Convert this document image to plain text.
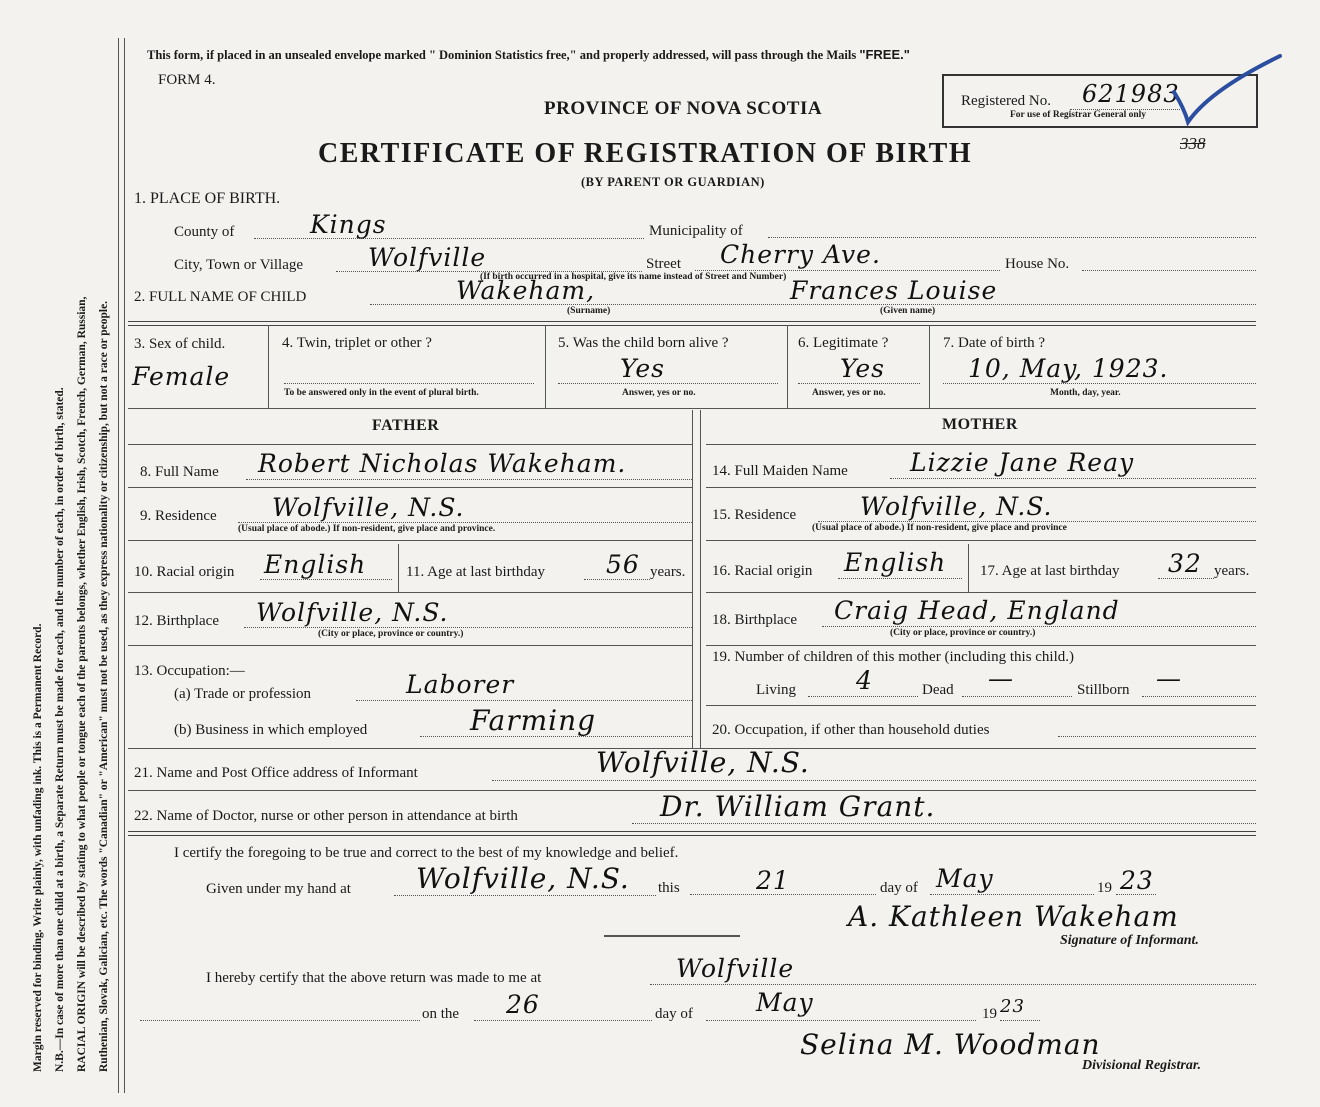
Margin reserved for binding. Write plainly, with unfading ink. This is a Permanent Record. N.B.—In case of more than one child at a birth, a Separate Return must be made for each, and the number of each, in order of birth, stated. RACIAL ORIGIN will be described by stating to what people or tongue each of the parents belongs, whether English, Irish, Scotch, French, German, Russian, Ruthenian, Slovak, Galician, etc. The words "Canadian" or "American" must not be used, as they express nationality or citizenship, but not a race or people.
This form, if placed in an unsealed envelope marked " Dominion Statistics free," and properly addressed, will pass through the Mails "FREE."
FORM 4.
Registered No. 621983
For use of Registrar General only
338
PROVINCE OF NOVA SCOTIA
CERTIFICATE OF REGISTRATION OF BIRTH
(BY PARENT OR GUARDIAN)
1. PLACE OF BIRTH.
County of	Kings	Municipality of
City, Town or Village	Wolfville	Street Cherry Ave.	House No.
(If birth occurred in a hospital, give its name instead of Street and Number)
2. FULL NAME OF CHILD	Wakeham,	Frances Louise
(Surname)	(Given name)
3. Sex of child.
Female
4. Twin, triplet or other ?
To be answered only in the event of plural birth.
5. Was the child born alive ?
Yes
Answer, yes or no.
6. Legitimate ?
Yes
Answer, yes or no.
7. Date of birth ?
10, May, 1923.
Month, day, year.
FATHER	MOTHER
8. Full Name Robert Nicholas Wakeham.	14. Full Maiden Name Lizzie Jane Reay
9. Residence Wolfville, N.S.
(Usual place of abode.) If non-resident, give place and province.
15. Residence	Wolfville, N.S.
(Usual place of abode.) If non-resident, give place and province
10. Racial origin English	11. Age at last birthday 56 years. 16. Racial origin English 17. Age at last birthday 32 years.
12. Birthplace Wolfville, N.S.
(City or place, province or country.)
18. Birthplace Craig Head, England
(City or place, province or country.)
13. Occupation:—
(a) Trade or profession	Laborer
(b) Business in which employed	Farming
19. Number of children of this mother (including this child.)
Living 4	Dead —	Stillborn —
20. Occupation, if other than household duties
21. Name and Post Office address of Informant	Wolfville, N.S.
22. Name of Doctor, nurse or other person in attendance at birth	Dr. William Grant.
I certify the foregoing to be true and correct to the best of my knowledge and belief.
Given under my hand at Wolfville, N.S. this	21	day of May	19 23
A. Kathleen Wakeham
Signature of Informant.
I hereby certify that the above return was made to me at	Wolfville
on the 26	day of	May	19 23
Selina M. Woodman
Divisional Registrar.
